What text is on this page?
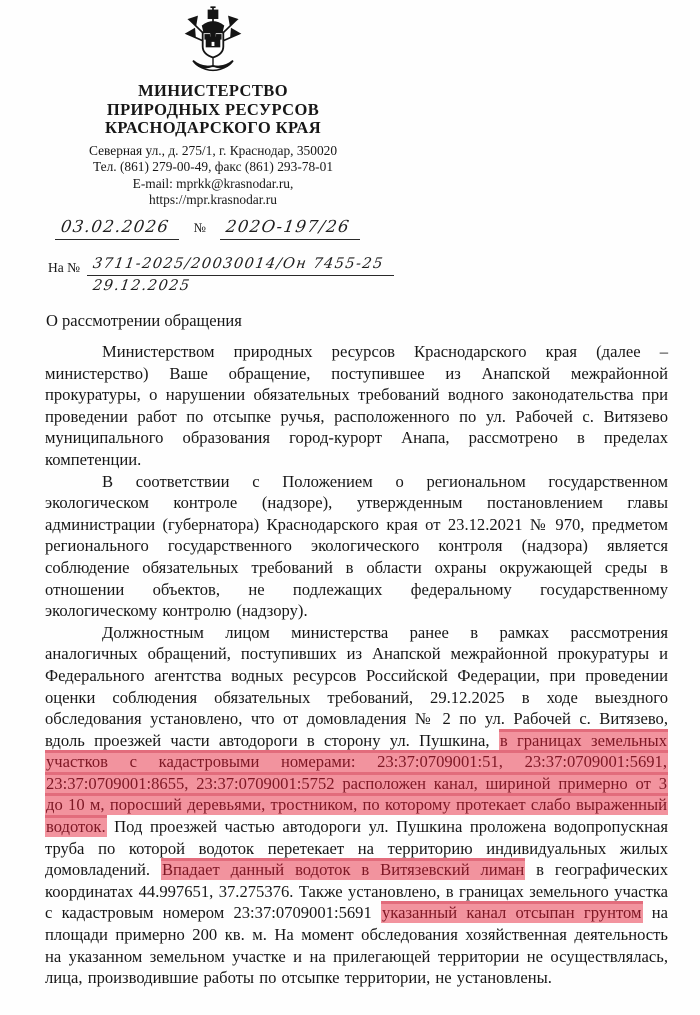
МИНИСТЕРСТВО
ПРИРОДНЫХ РЕСУРСОВ
КРАСНОДАРСКОГО КРАЯ
Северная ул., д. 275/1, г. Краснодар, 350020
Тел. (861) 279-00-49, факс (861) 293-78-01
E-mail: mprkk@krasnodar.ru,
https://mpr.krasnodar.ru
03.02.2026	№ 202О-197/26
На № 3711-2025/20030014/Он 7455-25
29.12.2025
О рассмотрении обращения

Министерством природных ресурсов Краснодарского края (далее – министерство) Ваше обращение, поступившее из Анапской межрайонной прокуратуры, о нарушении обязательных требований водного законодательства при проведении работ по отсыпке ручья, расположенного по ул. Рабочей с. Витязево муниципального образования город-курорт Анапа, рассмотрено в пределах компетенции.

В соответствии с Положением о региональном государственном экологическом контроле (надзоре), утвержденным постановлением главы администрации (губернатора) Краснодарского края от 23.12.2021 № 970, предметом регионального государственного экологического контроля (надзора) является соблюдение обязательных требований в области охраны окружающей среды в отношении объектов, не подлежащих федеральному государственному экологическому контролю (надзору).

Должностным лицом министерства ранее в рамках рассмотрения аналогичных обращений, поступивших из Анапской межрайонной прокуратуры и Федерального агентства водных ресурсов Российской Федерации, при проведении оценки соблюдения обязательных требований, 29.12.2025 в ходе выездного обследования установлено, что от домовладения № 2 по ул. Рабочей с. Витязево, вдоль проезжей части автодороги в сторону ул. Пушкина, в границах земельных участков с кадастровыми номерами: 23:37:0709001:51, 23:37:0709001:5691, 23:37:0709001:8655, 23:37:0709001:5752 расположен канал, шириной примерно от 3 до 10 м, поросший деревьями, тростником, по которому протекает слабо выраженный водоток. Под проезжей частью автодороги ул. Пушкина проложена водопропускная труба по которой водоток перетекает на территорию индивидуальных жилых домовладений. Впадает данный водоток в Витязевский лиман в географических координатах 44.997651, 37.275376. Также установлено, в границах земельного участка с кадастровым номером 23:37:0709001:5691 указанный канал отсыпан грунтом на площади примерно 200 кв. м. На момент обследования хозяйственная деятельность на указанном земельном участке и на прилегающей территории не осуществлялась, лица, производившие работы по отсыпке территории, не установлены.
